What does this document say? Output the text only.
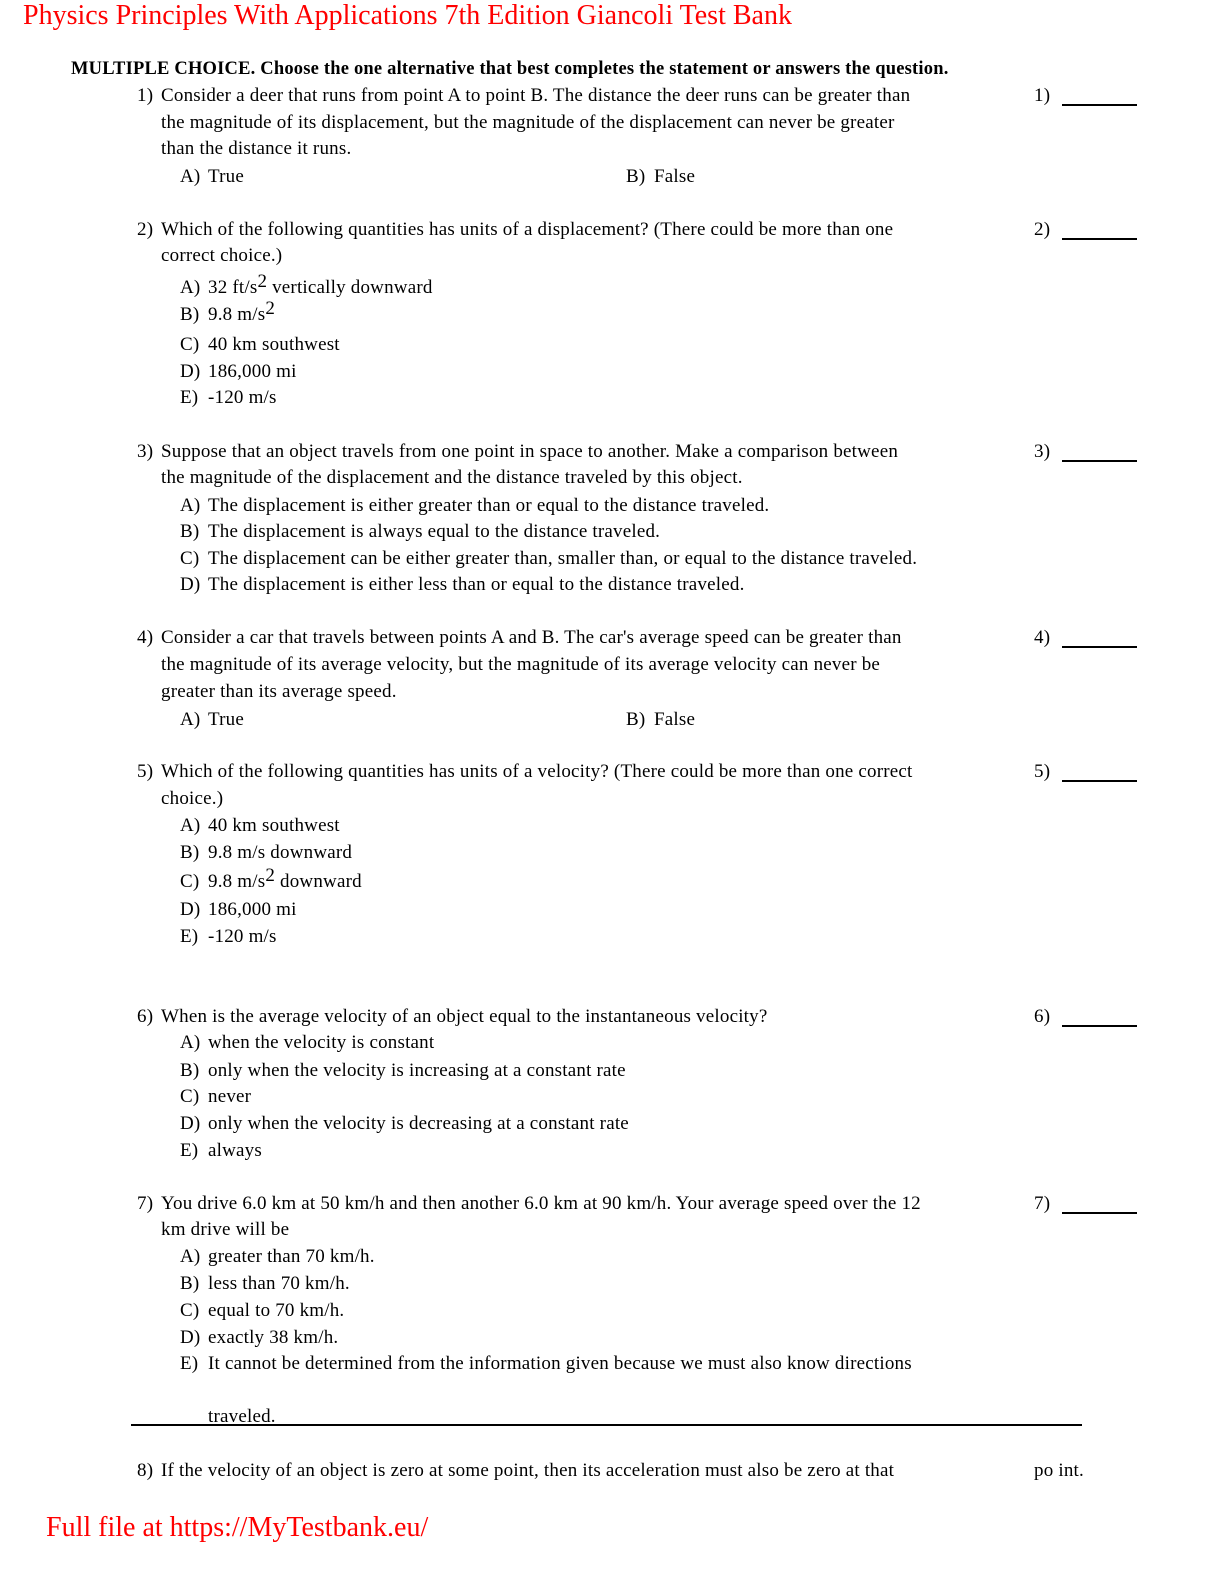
Physics Principles With Applications 7th Edition Giancoli Test Bank
MULTIPLE CHOICE. Choose the one alternative that best completes the statement or answers the question.
1) Consider a deer that runs from point A to point B. The distance the deer runs can be greater than
the magnitude of its displacement, but the magnitude of the displacement can never be greater
than the distance it runs.
1)
A) True	B) False
2) Which of the following quantities has units of a displacement? (There could be more than one
correct choice.)
2)
A) 32 $ft/s^2$ vertically downward
B) 9.8 $m/s^2$
C) 40 km southwest
D) 186,000 mi
E) -120 m/s
3) Suppose that an object travels from one point in space to another. Make a comparison between
the magnitude of the displacement and the distance traveled by this object.
3)
A) The displacement is either greater than or equal to the distance traveled.
B) The displacement is always equal to the distance traveled.
C) The displacement can be either greater than, smaller than, or equal to the distance traveled.
D) The displacement is either less than or equal to the distance traveled.
4) Consider a car that travels between points A and B. The car's average speed can be greater than
the magnitude of its average velocity, but the magnitude of its average velocity can never be
greater than its average speed.
4)
A) True	B) False
5) Which of the following quantities has units of a velocity? (There could be more than one correct
choice.)
5)
A) 40 km southwest
B) 9.8 m/s downward
C) 9.8 $m/s^2$ downward
D) 186,000 mi
E) -120 m/s
6) When is the average velocity of an object equal to the instantaneous velocity?	6)
A) when the velocity is constant
B) only when the velocity is increasing at a constant rate
C) never
D) only when the velocity is decreasing at a constant rate
E) always
7) You drive 6.0 km at 50 km/h and then another 6.0 km at 90 km/h. Your average speed over the 12
km drive will be
7)
A) greater than 70 km/h.
B) less than 70 km/h.
C) equal to 70 km/h.
D) exactly 38 km/h.
E) It cannot be determined from the information given because we must also know directions
traveled.
8) If the velocity of an object is zero at some point, then its acceleration must also be zero at that	po int.
Full file at https://MyTestbank.eu/
